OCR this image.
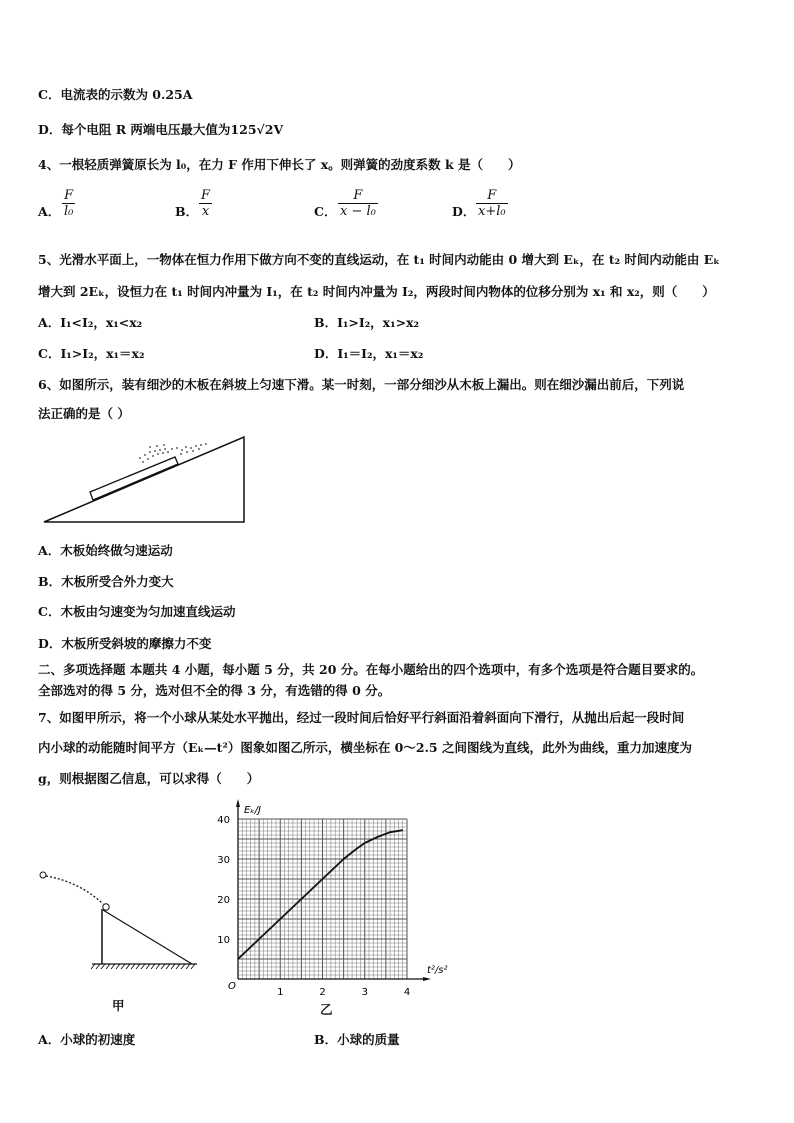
C．电流表的示数为 0.25A
D．每个电阻 R 两端电压最大值为125√2V
4、一根轻质弹簧原长为 l₀，在力 F 作用下伸长了 x。则弹簧的劲度系数 k 是（　　）
A． $\frac{F}{\text{l₀}}$	B． $\frac{F}{x}$	C． $\frac{F}{\text{x − l₀}}$	D． $\frac{F}{\text{x+l₀}}$
5、光滑水平面上，一物体在恒力作用下做方向不变的直线运动，在 t₁ 时间内动能由 0 增大到 Eₖ，在 t₂ 时间内动能由 Eₖ
增大到 2Eₖ，设恒力在 t₁ 时间内冲量为 I₁，在 t₂ 时间内冲量为 I₂，两段时间内物体的位移分别为 x₁ 和 x₂，则（　　）
A．I₁<I₂，x₁<x₂	B．I₁>I₂，x₁>x₂
C．I₁>I₂，x₁＝x₂	D．I₁＝I₂，x₁＝x₂
6、如图所示，装有细沙的木板在斜坡上匀速下滑。某一时刻，一部分细沙从木板上漏出。则在细沙漏出前后，下列说
法正确的是（ ）
A．木板始终做匀速运动
B．木板所受合外力变大
C．木板由匀速变为匀加速直线运动
D．木板所受斜坡的摩擦力不变
二、多项选择题 本题共 4 小题，每小题 5 分，共 20 分。在每小题给出的四个选项中，有多个选项是符合题目要求的。
全部选对的得 5 分，选对但不全的得 3 分，有选错的得 0 分。
7、如图甲所示，将一个小球从某处水平抛出，经过一段时间后恰好平行斜面沿着斜面向下滑行，从抛出后起一段时间
内小球的动能随时间平方（Eₖ—t²）图象如图乙所示，横坐标在 0～2.5 之间图线为直线，此外为曲线，重力加速度为
g，则根据图乙信息，可以求得（　　）
甲
1	2	3	4
10
20
30
40
O
t²/s²
Eₖ/J
乙
A．小球的初速度	B．小球的质量
